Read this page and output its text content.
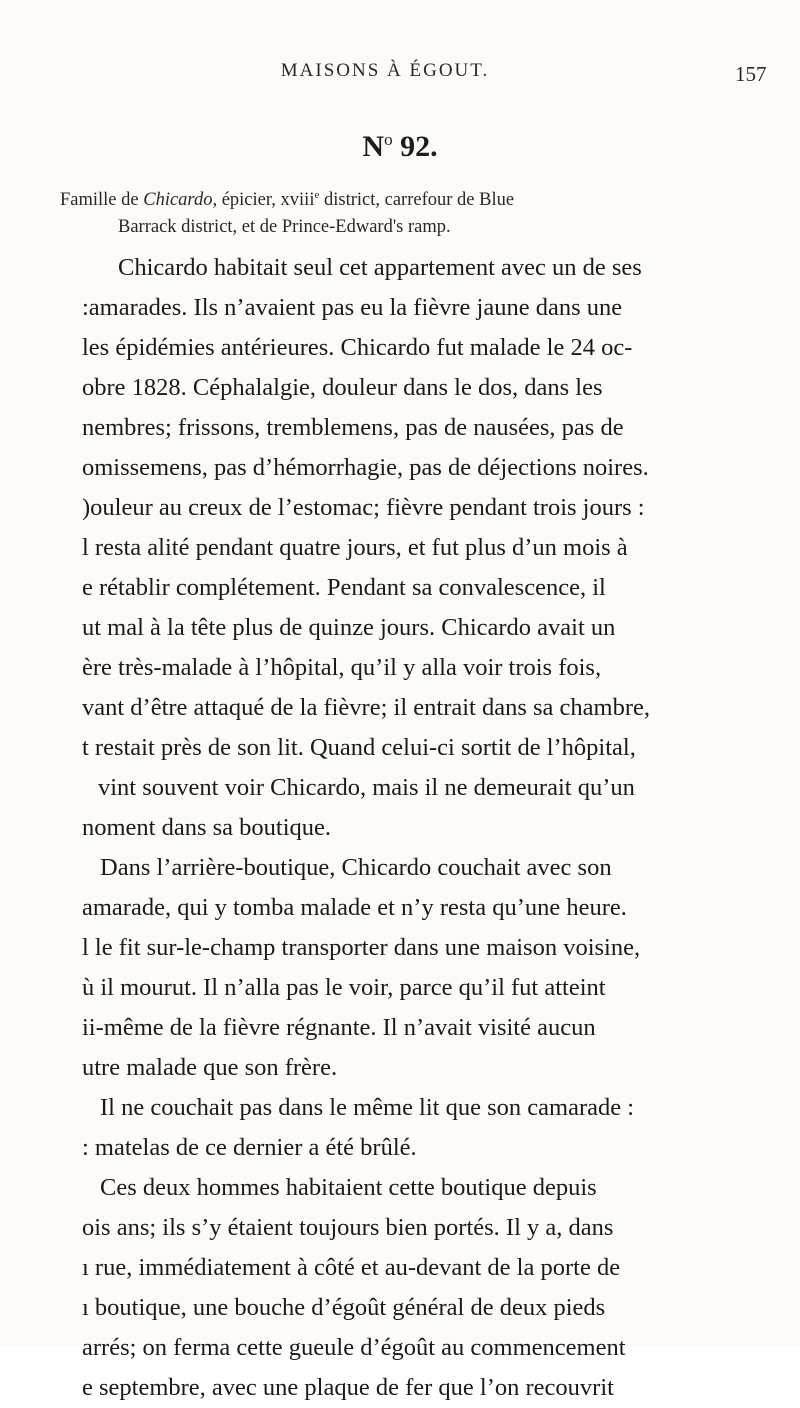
MAISONS À ÉGOUT.	157
$N^o$ 92.
Famille de Chicardo, épicier, xviii$^e$ district, carrefour de Blue
Barrack district, et de Prince-Edward's ramp.
Chicardo habitait seul cet appartement avec un de ses
:amarades. Ils n’avaient pas eu la fièvre jaune dans une
les épidémies antérieures. Chicardo fut malade le 24 oc-
obre 1828. Céphalalgie, douleur dans le dos, dans les
nembres; frissons, tremblemens, pas de nausées, pas de
omissemens, pas d’hémorrhagie, pas de déjections noires.
)ouleur au creux de l’estomac; fièvre pendant trois jours :
l resta alité pendant quatre jours, et fut plus d’un mois à
e rétablir complétement. Pendant sa convalescence, il
ut mal à la tête plus de quinze jours. Chicardo avait un
ère très-malade à l’hôpital, qu’il y alla voir trois fois,
vant d’être attaqué de la fièvre; il entrait dans sa chambre,
t restait près de son lit. Quand celui-ci sortit de l’hôpital,
vint souvent voir Chicardo, mais il ne demeurait qu’un
noment dans sa boutique.
Dans l’arrière-boutique, Chicardo couchait avec son
amarade, qui y tomba malade et n’y resta qu’une heure.
l le fit sur-le-champ transporter dans une maison voisine,
ù il mourut. Il n’alla pas le voir, parce qu’il fut atteint
ii-même de la fièvre régnante. Il n’avait visité aucun
utre malade que son frère.
Il ne couchait pas dans le même lit que son camarade :
: matelas de ce dernier a été brûlé.
Ces deux hommes habitaient cette boutique depuis
ois ans; ils s’y étaient toujours bien portés. Il y a, dans
ı rue, immédiatement à côté et au-devant de la porte de
ı boutique, une bouche d’égoût général de deux pieds
arrés; on ferma cette gueule d’égoût au commencement
e septembre, avec une plaque de fer que l’on recouvrit
